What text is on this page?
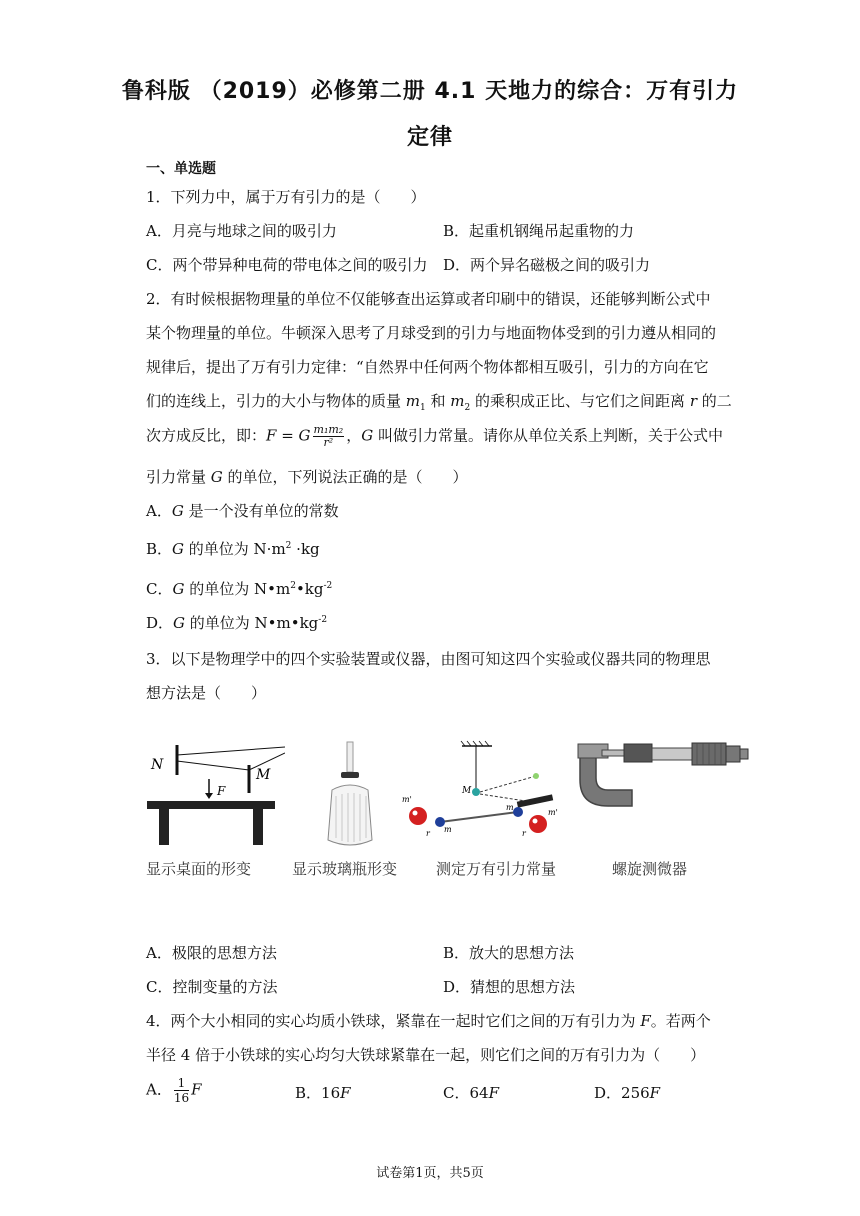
鲁科版 （2019）必修第二册 4.1 天地力的综合：万有引力
定律
一、单选题
1．下列力中，属于万有引力的是（　　）
A．月亮与地球之间的吸引力	B．起重机钢绳吊起重物的力
C．两个带异种电荷的带电体之间的吸引力 D．两个异名磁极之间的吸引力
2．有时候根据物理量的单位不仅能够查出运算或者印刷中的错误，还能够判断公式中
某个物理量的单位。牛顿深入思考了月球受到的引力与地面物体受到的引力遵从相同的
规律后，提出了万有引力定律：“自然界中任何两个物体都相互吸引，引力的方向在它
们的连线上，引力的大小与物体的质量 $m_1$ 和 $m_2$ 的乘积成正比、与它们之间距离 r 的二
次方成反比，即：F = G $\frac{\text{m₁m₂}}{\text{r²}}$ ，G 叫做引力常量。请你从单位关系上判断，关于公式中
引力常量 G 的单位，下列说法正确的是（　　）
A．G 是一个没有单位的常数
B．G 的单位为 $N\cdot m^2 \cdot kg$
C．G 的单位为 $N•m^2•kg^{-2}$
D．G 的单位为 $N•m•kg^{-2}$
3．以下是物理学中的四个实验装置或仪器，由图可知这四个实验或仪器共同的物理思
想方法是（　　）
N
M
F
显示桌面的形变	显示玻璃瓶形变
M
m'
m'
m
m
r	r
测定万有引力常量	螺旋测微器
A．极限的思想方法	B．放大的思想方法
C．控制变量的方法	D．猜想的思想方法
4．两个大小相同的实心均质小铁球，紧靠在一起时它们之间的万有引力为 F。若两个
半径 4 倍于小铁球的实心均匀大铁球紧靠在一起，则它们之间的万有引力为（　　）
A． $\frac{1}{16}$ F	B．16F	C．64F	D．256F
试卷第1页，共5页
